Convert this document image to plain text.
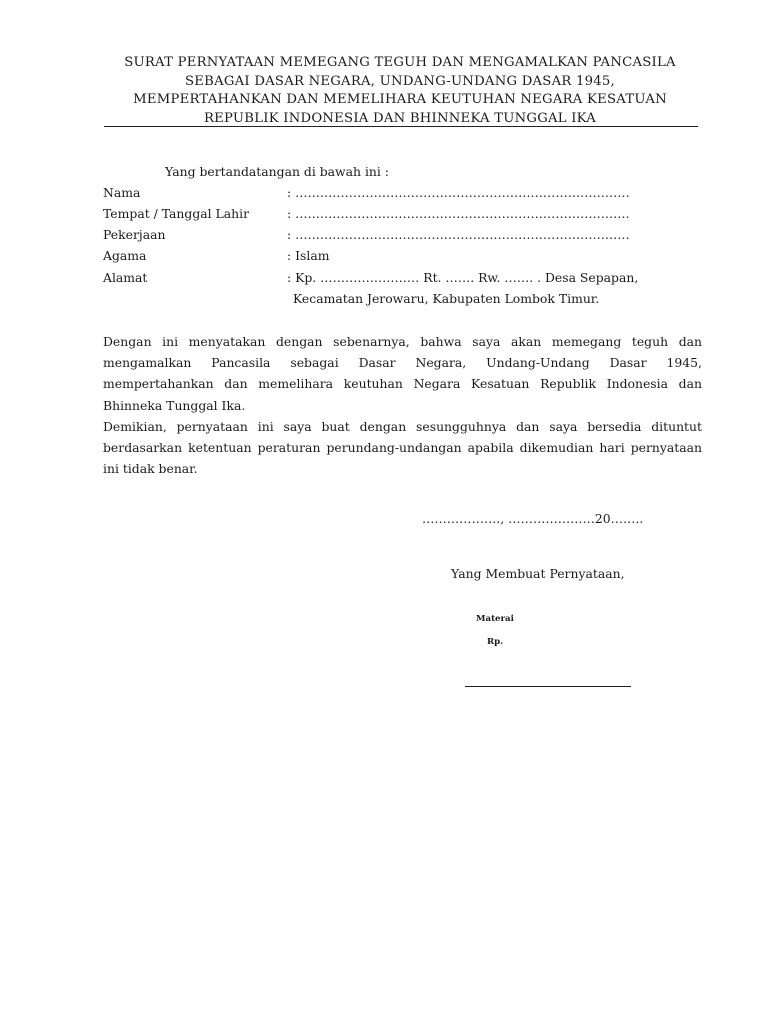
SURAT PERNYATAAN MEMEGANG TEGUH DAN MENGAMALKAN PANCASILA
SEBAGAI DASAR NEGARA, UNDANG-UNDANG DASAR 1945,
MEMPERTAHANKAN DAN MEMELIHARA KEUTUHAN NEGARA KESATUAN
REPUBLIK INDONESIA DAN BHINNEKA TUNGGAL IKA
Yang bertandatangan di bawah ini :
Nama	: ………………………………………………………………………
Tempat / Tanggal Lahir	: ………………………………………………………………………
Pekerjaan	: ………………………………………………………………………
Agama	: Islam
Alamat	: Kp. …………………… Rt. ……. Rw. ……. . Desa Sepapan,
Kecamatan Jerowaru, Kabupaten Lombok Timur.
Dengan ini menyatakan dengan sebenarnya, bahwa saya akan memegang teguh dan mengamalkan Pancasila sebagai Dasar Negara, Undang-Undang Dasar 1945, mempertahankan dan memelihara keutuhan Negara Kesatuan Republik Indonesia dan Bhinneka Tunggal Ika.
Demikian, pernyataan ini saya buat dengan sesungguhnya dan saya bersedia dituntut berdasarkan ketentuan peraturan perundang-undangan apabila dikemudian hari pernyataan ini tidak benar.
………………., …………………20……..
Yang Membuat Pernyataan,
Materai
Rp.
